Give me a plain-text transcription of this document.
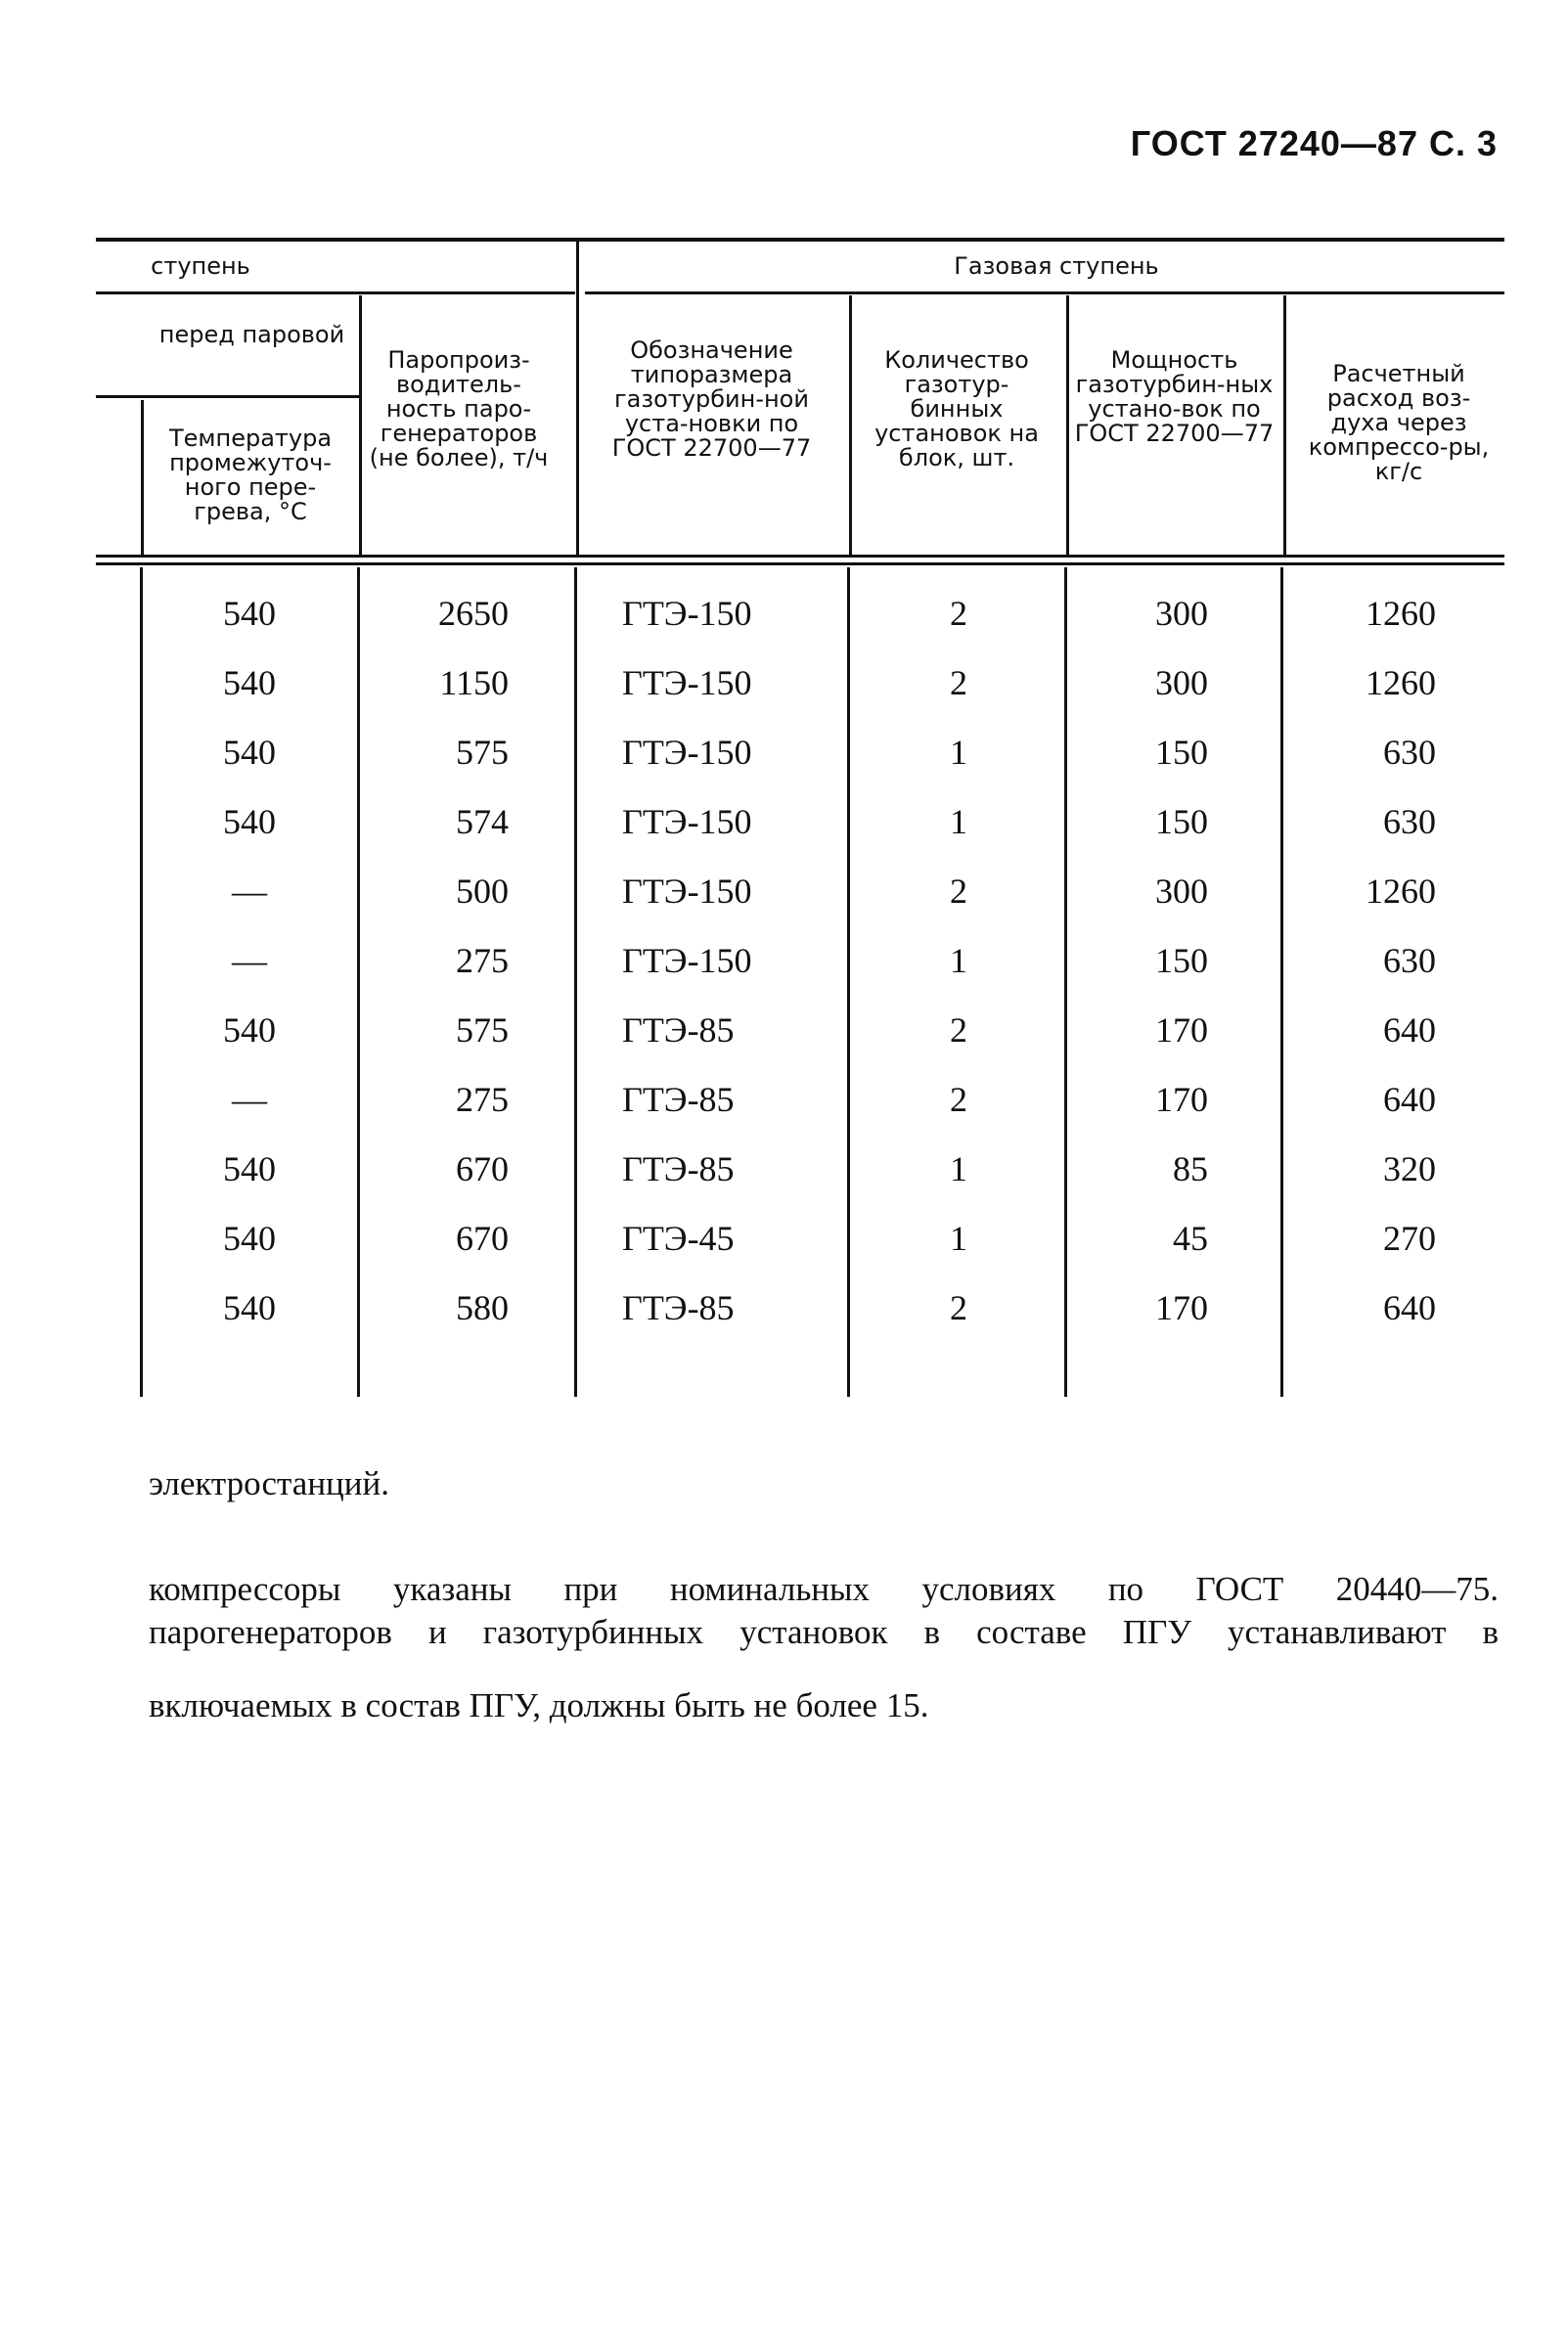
ГОСТ 27240—87 С. 3
ступень	Газовая ступень
перед паровой
Температура промежуточ-ного пере-грева, °С
Паропроиз-водитель-ность паро-генераторов (не более), т/ч
Обозначение типоразмера газотурбин-ной уста-новки по ГОСТ 22700—77
Количество газотур-бинных установок на блок, шт.
Мощность газотурбин-ных устано-вок по ГОСТ 22700—77
Расчетный расход воз-духа через компрессо-ры, кг/с
540	2650	ГТЭ-150	2	300	1260
540	1150	ГТЭ-150	2	300	1260
540	575	ГТЭ-150	1	150	630
540	574	ГТЭ-150	1	150	630
—	500	ГТЭ-150	2	300	1260
—	275	ГТЭ-150	1	150	630
540	575	ГТЭ-85	2	170	640
—	275	ГТЭ-85	2	170	640
540	670	ГТЭ-85	1	85	320
540	670	ГТЭ-45	1	45	270
540	580	ГТЭ-85	2	170	640
электростанций.
компрессоры указаны при номинальных условиях по ГОСТ 20440—75.
парогенераторов и газотурбинных установок в составе ПГУ устанавливают в
включаемых в состав ПГУ, должны быть не более 15.
